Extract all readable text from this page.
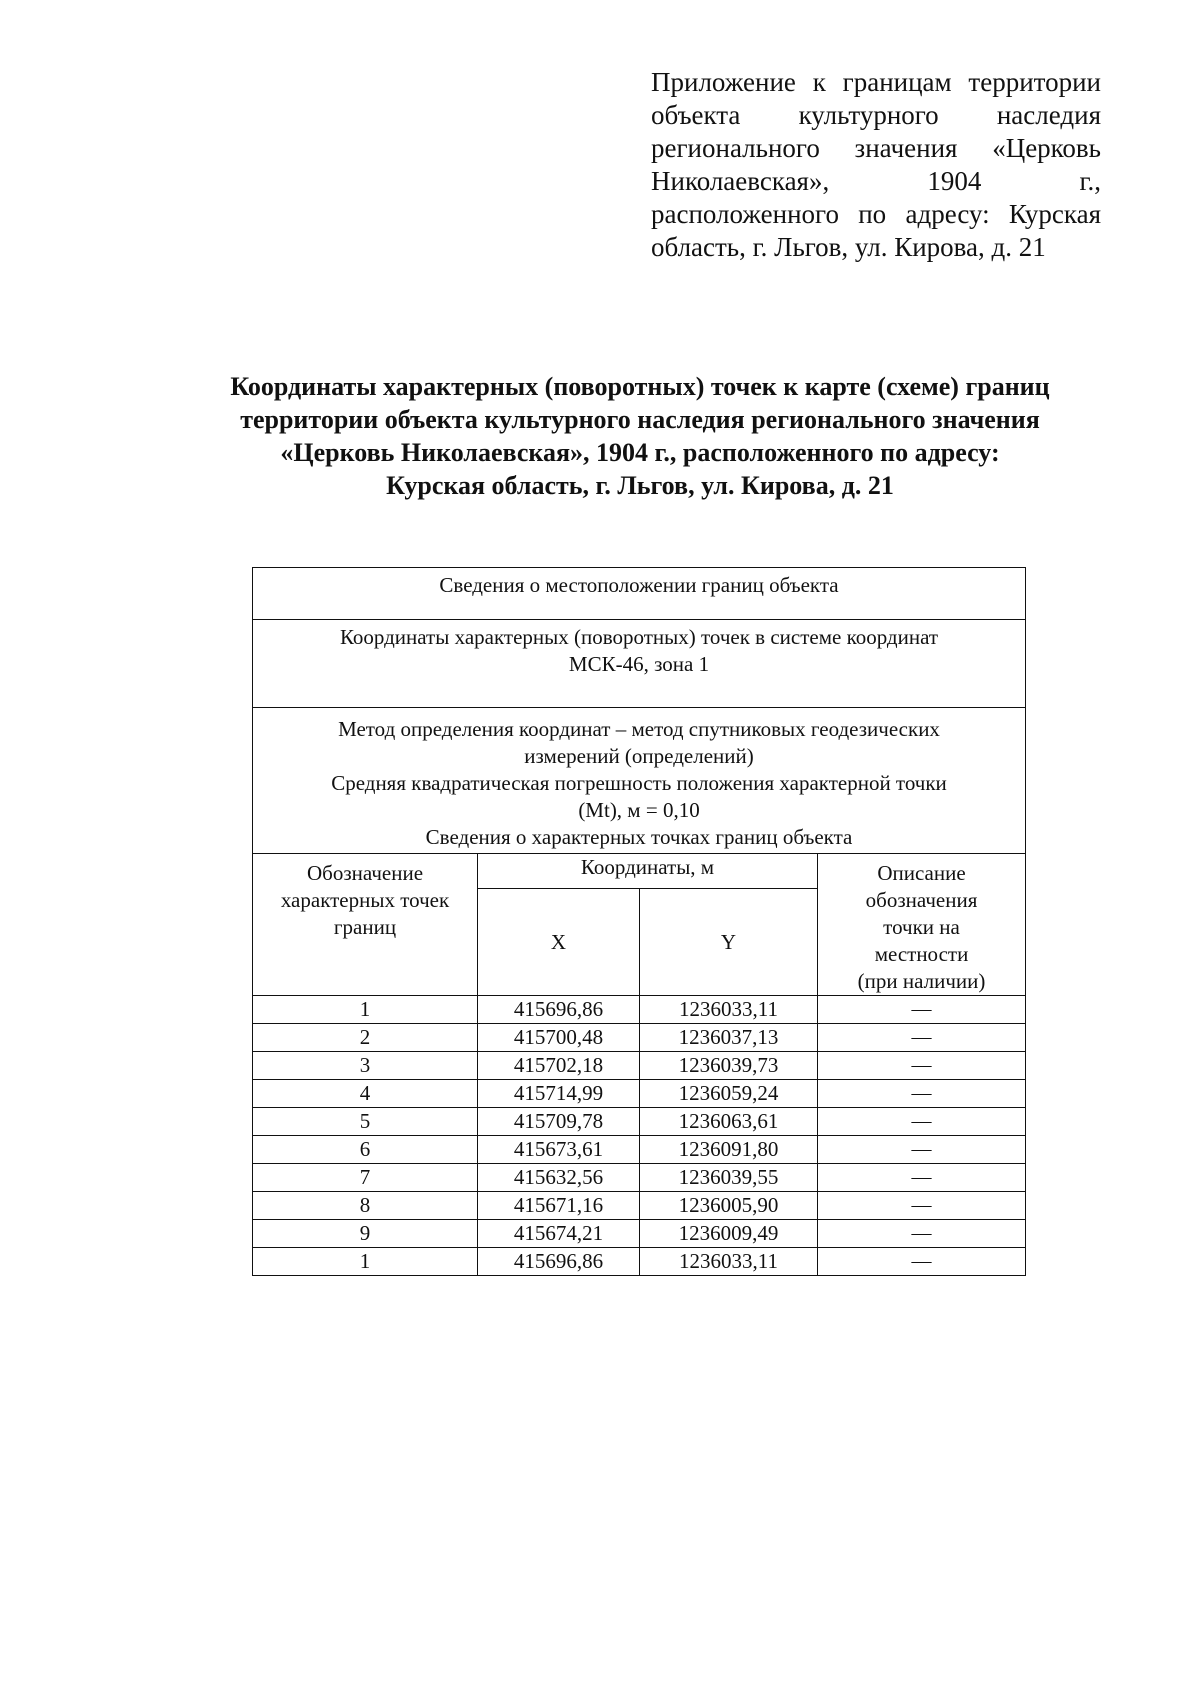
Приложение к границам территории
объекта культурного наследия
регионального значения «Церковь
Николаевская», 1904 г.,
расположенного по адресу: Курская
область, г. Льгов, ул. Кирова, д. 21
Координаты характерных (поворотных) точек к карте (схеме) границ
территории объекта культурного наследия регионального значения
«Церковь Николаевская», 1904 г., расположенного по адресу:
Курская область, г. Льгов, ул. Кирова, д. 21
Сведения о местоположении границ объекта			

Координаты характерных (поворотных) точек в системе координат
МСК-46, зона 1			

Метод определения координат – метод спутниковых геодезических
измерений (определений)
Средняя квадратическая погрешность положения характерной точки
(Mt), м = 0,10
Сведения о характерных точках границ объекта			

Обозначение
характерных точек
границ	Координаты, м		Описание
обозначения
точки на
местности
(при наличии)

	X	Y	
1	415696,86	1236033,11	—
2	415700,48	1236037,13	—
3	415702,18	1236039,73	—
4	415714,99	1236059,24	—
5	415709,78	1236063,61	—
6	415673,61	1236091,80	—
7	415632,56	1236039,55	—
8	415671,16	1236005,90	—
9	415674,21	1236009,49	—
1	415696,86	1236033,11	—
